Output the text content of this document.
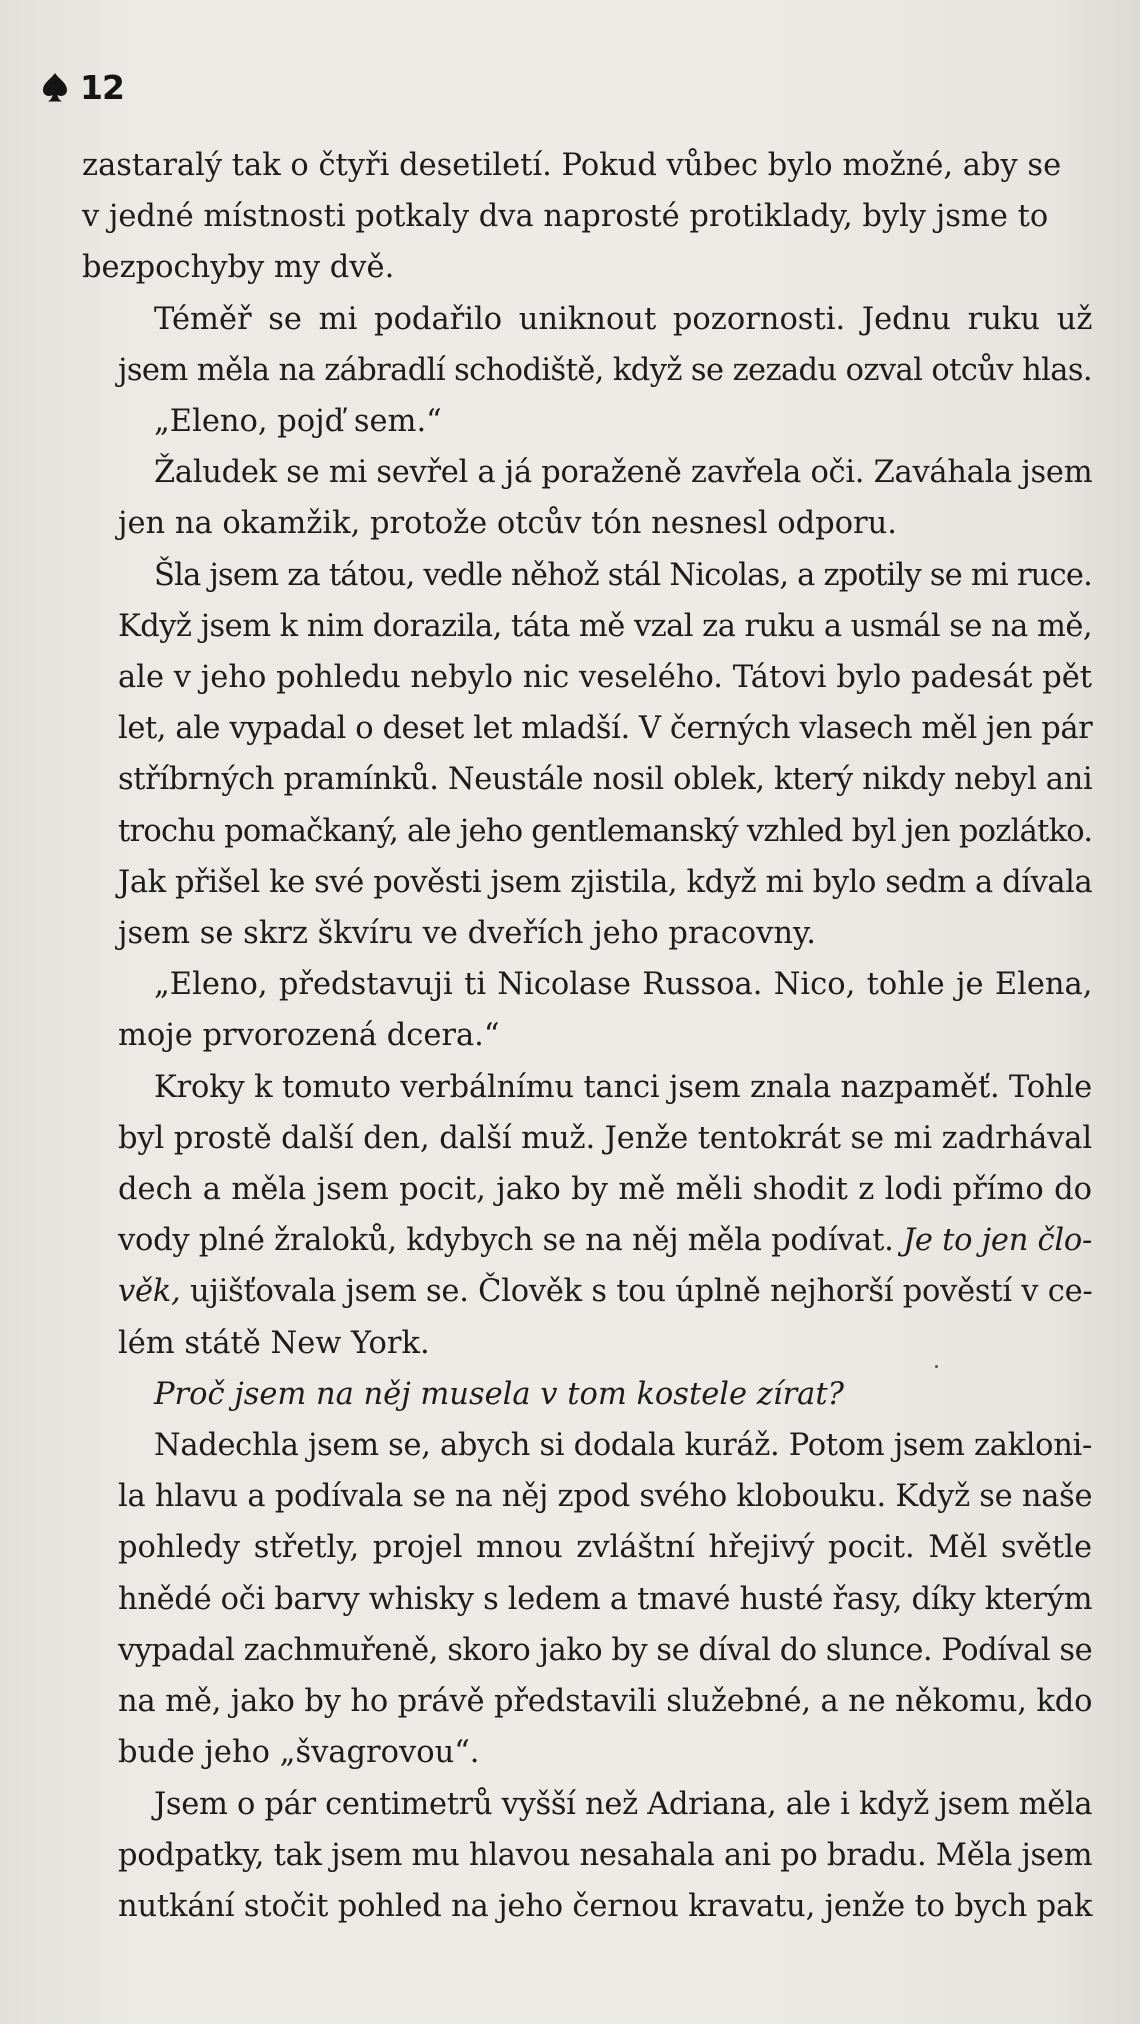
12

zastaralý tak o čtyři desetiletí. Pokud vůbec bylo možné, aby se
v jedné místnosti potkaly dva naprosté protiklady, byly jsme to
bezpochyby my dvě.

Téměř se mi podařilo uniknout pozornosti. Jednu ruku už
jsem měla na zábradlí schodiště, když se zezadu ozval otcův hlas.

„Eleno, pojď sem.“

Žaludek se mi sevřel a já poraženě zavřela oči. Zaváhala jsem
jen na okamžik, protože otcův tón nesnesl odporu.

Šla jsem za tátou, vedle něhož stál Nicolas, a zpotily se mi ruce.
Když jsem k nim dorazila, táta mě vzal za ruku a usmál se na mě,
ale v jeho pohledu nebylo nic veselého. Tátovi bylo padesát pět
let, ale vypadal o deset let mladší. V černých vlasech měl jen pár
stříbrných pramínků. Neustále nosil oblek, který nikdy nebyl ani
trochu pomačkaný, ale jeho gentlemanský vzhled byl jen pozlátko.
Jak přišel ke své pověsti jsem zjistila, když mi bylo sedm a dívala
jsem se skrz škvíru ve dveřích jeho pracovny.

„Eleno, představuji ti Nicolase Russoa. Nico, tohle je Elena,
moje prvorozená dcera.“

Kroky k tomuto verbálnímu tanci jsem znala nazpaměť. Tohle
byl prostě další den, další muž. Jenže tentokrát se mi zadrhával
dech a měla jsem pocit, jako by mě měli shodit z lodi přímo do
vody plné žraloků, kdybych se na něj měla podívat. Je to jen člo-
věk, ujišťovala jsem se. Člověk s tou úplně nejhorší pověstí v ce-
lém státě New York.

Proč jsem na něj musela v tom kostele zírat?

Nadechla jsem se, abych si dodala kuráž. Potom jsem zakloni-
la hlavu a podívala se na něj zpod svého klobouku. Když se naše
pohledy střetly, projel mnou zvláštní hřejivý pocit. Měl světle
hnědé oči barvy whisky s ledem a tmavé husté řasy, díky kterým
vypadal zachmuřeně, skoro jako by se díval do slunce. Podíval se
na mě, jako by ho právě představili služebné, a ne někomu, kdo
bude jeho „švagrovou“.

Jsem o pár centimetrů vyšší než Adriana, ale i když jsem měla
podpatky, tak jsem mu hlavou nesahala ani po bradu. Měla jsem
nutkání stočit pohled na jeho černou kravatu, jenže to bych pak
